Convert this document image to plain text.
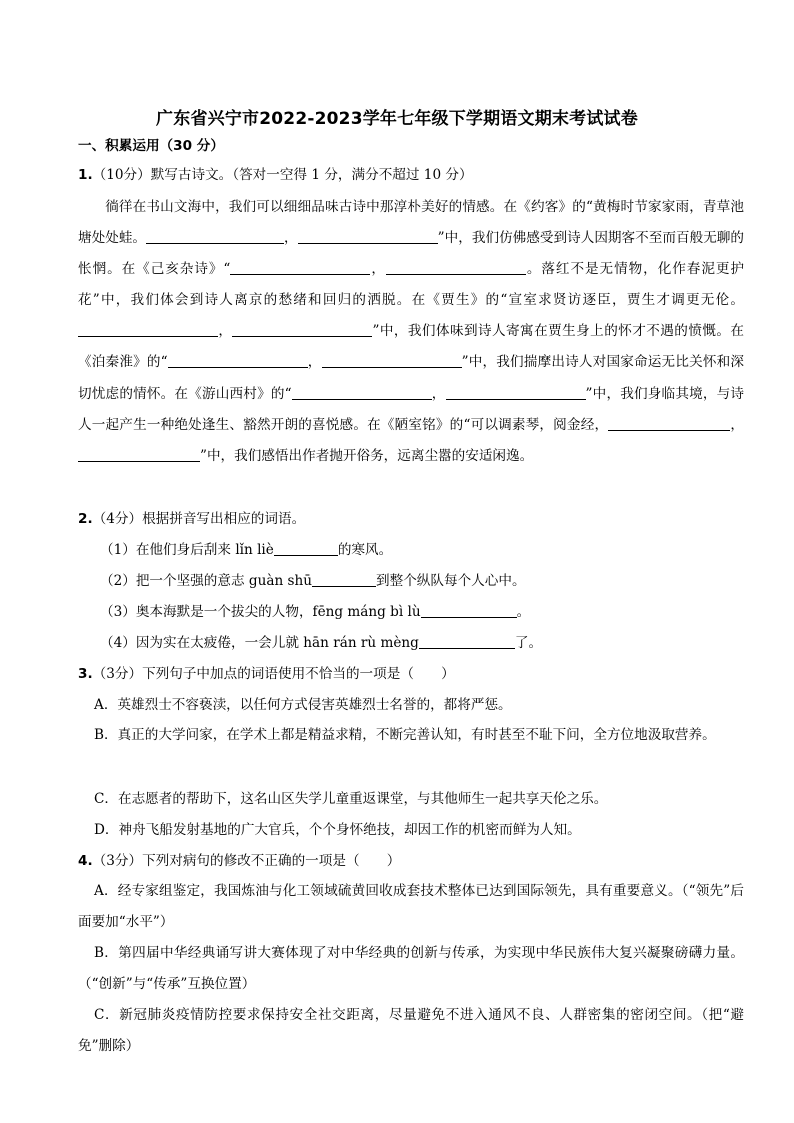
广东省兴宁市2022-2023学年七年级下学期语文期末考试试卷
一、积累运用（30 分）
1.（10分）默写古诗文。（答对一空得 1 分，满分不超过 10 分）
徜徉在书山文海中，我们可以细细品味古诗中那淳朴美好的情感。在《约客》的“黄梅时节家家雨，青草池塘处处蛙。	，	”中，我们仿佛感受到诗人因期客不至而百般无聊的怅惘。在《己亥杂诗》“	，	。落红不是无情物，化作春泥更护花”中，我们体会到诗人离京的愁绪和回归的洒脱。在《贾生》的“宣室求贤访逐臣，贾生才调更无伦。，	”中，我们体味到诗人寄寓在贾生身上的怀才不遇的愤慨。在《泊秦淮》的“	，	”中，我们揣摩出诗人对国家命运无比关怀和深切忧虑的情怀。在《游山西村》的“	，	”中，我们身临其境，与诗人一起产生一种绝处逢生、豁然开朗的喜悦感。在《陋室铭》的“可以调素琴，阅金经，	，”中，我们感悟出作者抛开俗务，远离尘嚣的安适闲逸。
2.（4分）根据拼音写出相应的词语。
（1）在他们身后刮来 lǐn liè	的寒风。
（2）把一个坚强的意志 guàn shū	到整个纵队每个人心中。
（3）奥本海默是一个拔尖的人物，fēng máng bì lù	。
（4）因为实在太疲倦，一会儿就 hān rán rù mèng	了。
3.（3分）下列句子中加点的词语使用不恰当的一项是（　　）
A．英雄烈士不容亵渎，以任何方式侵害英雄烈士名誉的，都将严惩。
B．真正的大学问家，在学术上都是精益求精，不断完善认知，有时甚至不耻下问，全方位地汲取营养。
C．在志愿者的帮助下，这名山区失学儿童重返课堂，与其他师生一起共享天伦之乐。
D．神舟飞船发射基地的广大官兵，个个身怀绝技，却因工作的机密而鲜为人知。
4.（3分）下列对病句的修改不正确的一项是（　　）
A．经专家组鉴定，我国炼油与化工领域硫黄回收成套技术整体已达到国际领先，具有重要意义。（“领先”后面要加“水平”）
B．第四届中华经典诵写讲大赛体现了对中华经典的创新与传承，为实现中华民族伟大复兴凝聚磅礴力量。（“创新”与“传承”互换位置）
C．新冠肺炎疫情防控要求保持安全社交距离，尽量避免不进入通风不良、人群密集的密闭空间。（把“避免”删除）
